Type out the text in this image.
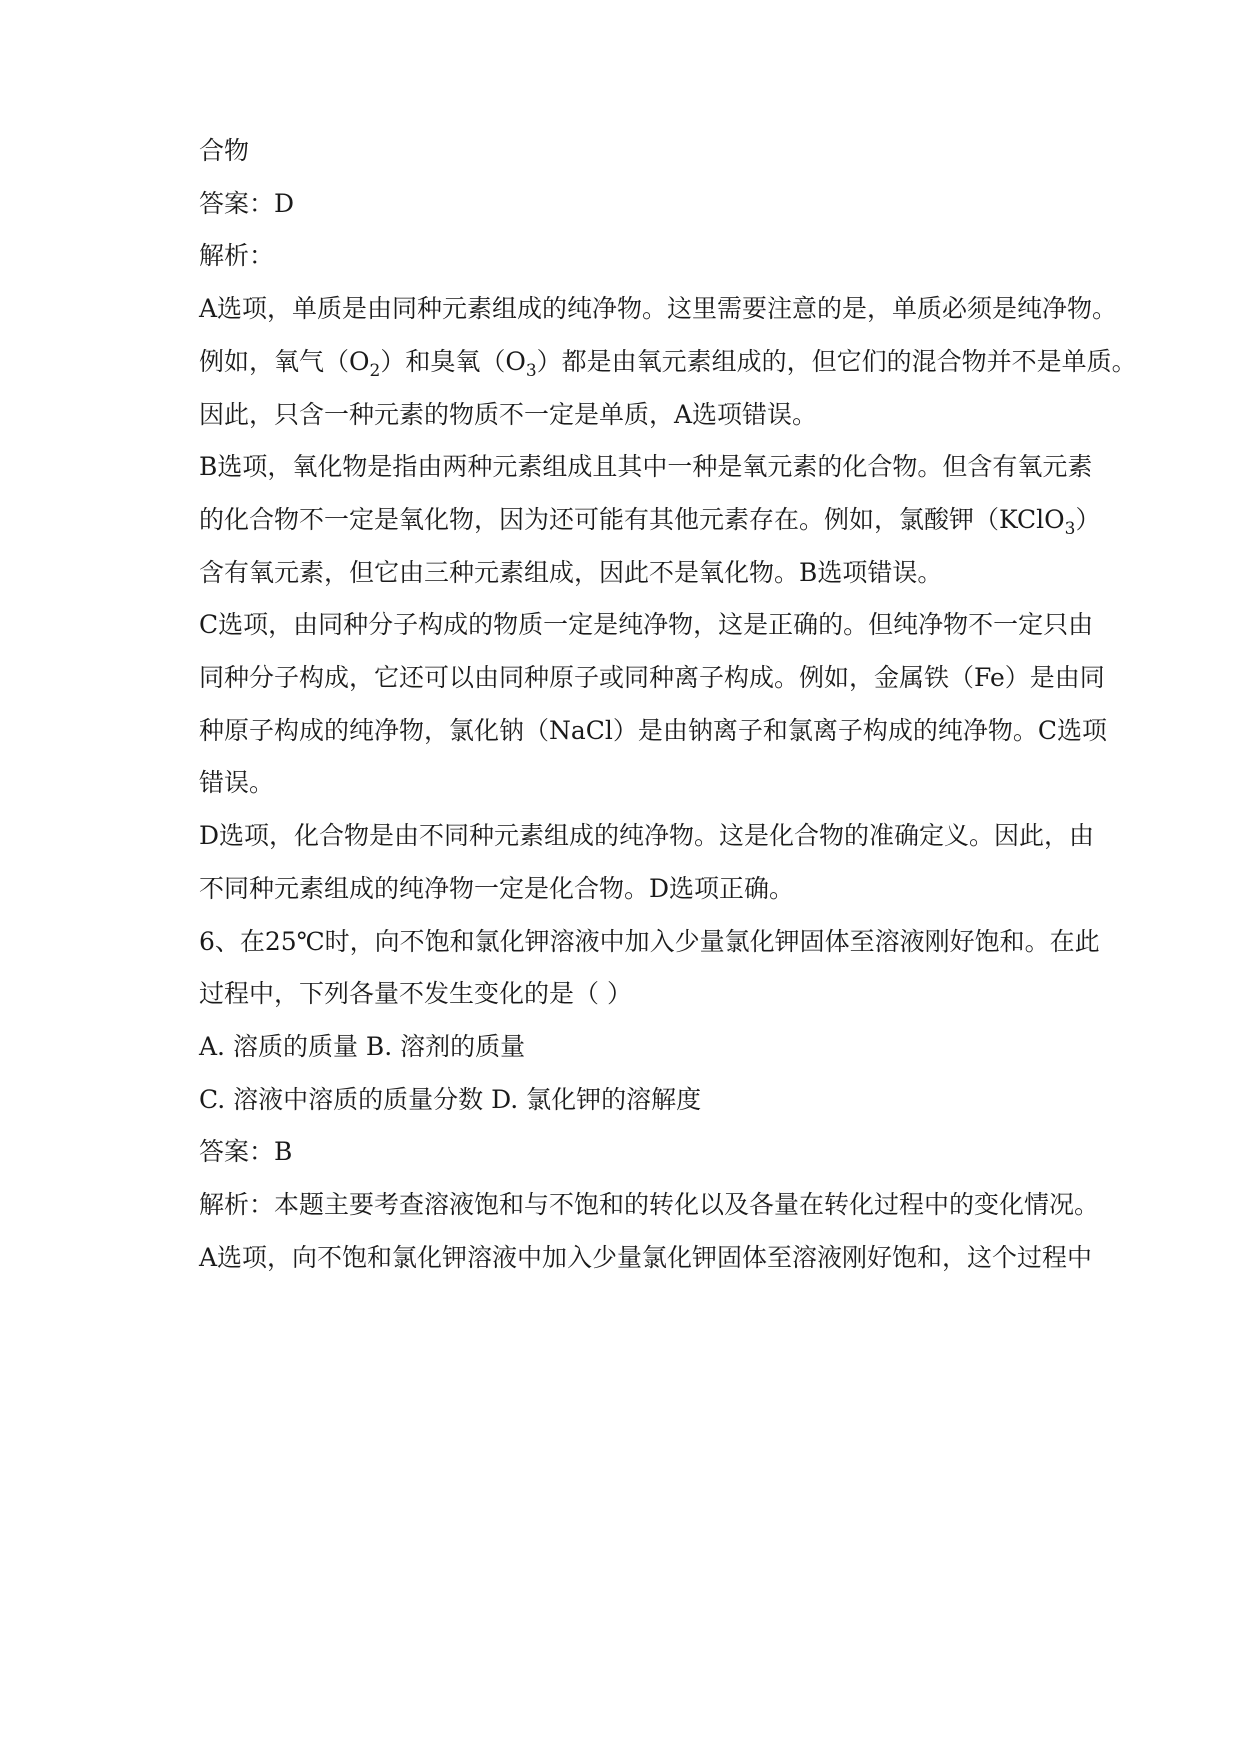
合物

答案：D

解析：

A选项，单质是由同种元素组成的纯净物。这里需要注意的是，单质必须是纯净物。

例如，氧气$(O_2)$和臭氧$(O_3)$都是由氧元素组成的，但它们的混合物并不是单质。

因此，只含一种元素的物质不一定是单质，A选项错误。

B选项，氧化物是指由两种元素组成且其中一种是氧元素的化合物。但含有氧元素

的化合物不一定是氧化物，因为还可能有其他元素存在。例如，氯酸钾（KClO$_3$）

含有氧元素，但它由三种元素组成，因此不是氧化物。B选项错误。

C选项，由同种分子构成的物质一定是纯净物，这是正确的。但纯净物不一定只由

同种分子构成，它还可以由同种原子或同种离子构成。例如，金属铁（Fe）是由同

种原子构成的纯净物，氯化钠（NaCl）是由钠离子和氯离子构成的纯净物。C选项

错误。

D选项，化合物是由不同种元素组成的纯净物。这是化合物的准确定义。因此，由

不同种元素组成的纯净物一定是化合物。D选项正确。

6、在25℃时，向不饱和氯化钾溶液中加入少量氯化钾固体至溶液刚好饱和。在此

过程中，下列各量不发生变化的是（ ）

A. 溶质的质量 B. 溶剂的质量

C. 溶液中溶质的质量分数 D. 氯化钾的溶解度

答案：B

解析：本题主要考查溶液饱和与不饱和的转化以及各量在转化过程中的变化情况。

A选项，向不饱和氯化钾溶液中加入少量氯化钾固体至溶液刚好饱和，这个过程中
